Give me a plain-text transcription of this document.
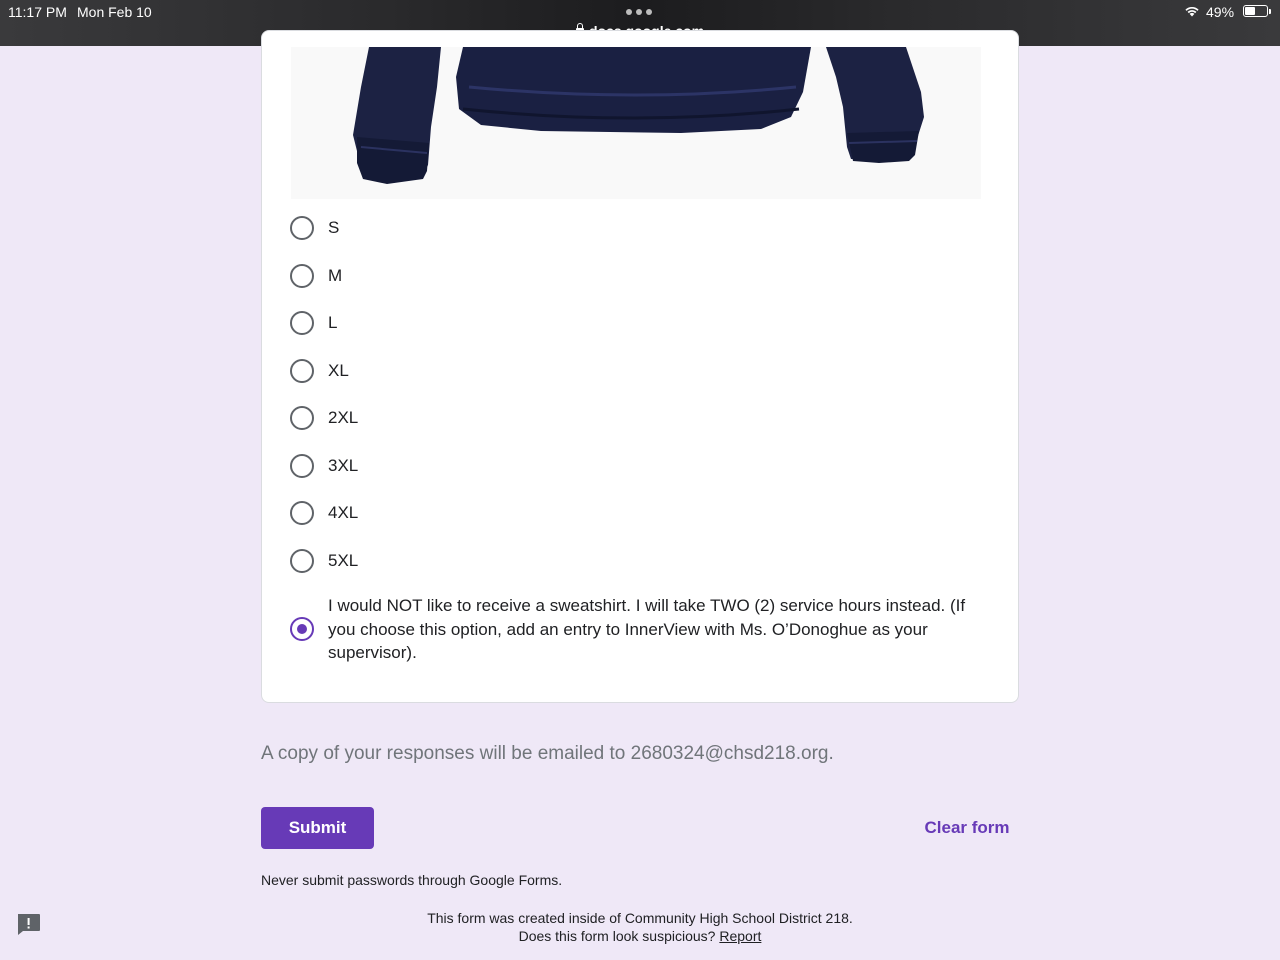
11:17 PM Mon Feb 10	49%
S
M
L
XL
2XL
3XL
4XL
5XL
I would NOT like to receive a sweatshirt. I will take TWO (2) service hours instead. (If you choose this option, add an entry to InnerView with Ms. O’Donoghue as your supervisor).
A copy of your responses will be emailed to 2680324@chsd218.org.
Submit	Clear form
Never submit passwords through Google Forms.
This form was created inside of Community High School District 218.
Does this form look suspicious? Report
